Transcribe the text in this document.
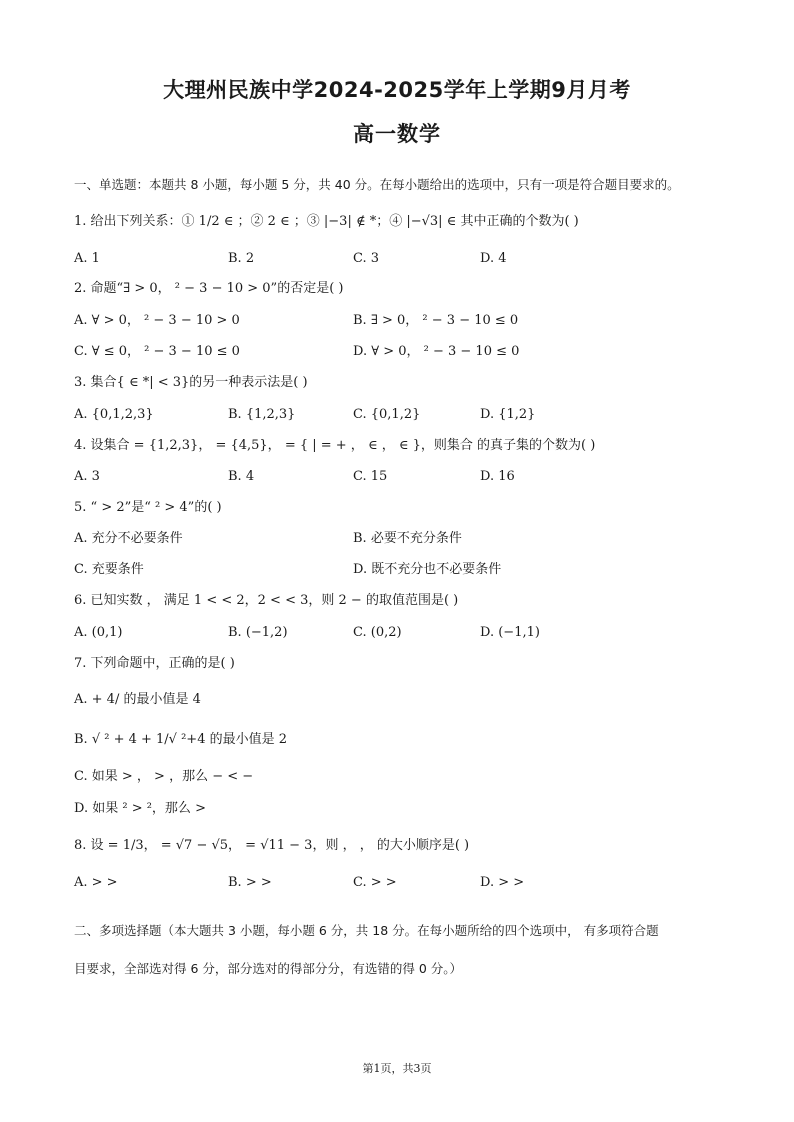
大理州民族中学2024-2025学年上学期9月月考
高一数学
一、单选题：本题共 8 小题，每小题 5 分，共 40 分。在每小题给出的选项中，只有一项是符合题目要求的。
1. 给出下列关系：① 1/2 ∈ ；② 2 ∈ ；③ |−3| ∉ *；④ |−√3| ∈ 其中正确的个数为( )
A. 1	B. 2	C. 3	D. 4
2. 命题“∃ > 0， ² − 3 − 10 > 0”的否定是( )
A. ∀ > 0， ² − 3 − 10 > 0	B. ∃ > 0， ² − 3 − 10 ≤ 0
C. ∀ ≤ 0， ² − 3 − 10 ≤ 0	D. ∀ > 0， ² − 3 − 10 ≤ 0
3. 集合{ ∈ *| < 3}的另一种表示法是( )
A. {0,1,2,3}	B. {1,2,3}	C. {0,1,2}	D. {1,2}
4. 设集合 = {1,2,3}， = {4,5}， = { | = + ， ∈ ， ∈ }，则集合 的真子集的个数为( )
A. 3	B. 4	C. 15	D. 16
5. “ > 2”是“ ² > 4”的( )
A. 充分不必要条件	B. 必要不充分条件
C. 充要条件	D. 既不充分也不必要条件
6. 已知实数 ， 满足 1 < < 2，2 < < 3，则 2 − 的取值范围是( )
A. (0,1)	B. (−1,2)	C. (0,2)	D. (−1,1)
7. 下列命题中，正确的是( )
A. + 4/ 的最小值是 4
B. √ ² + 4 + 1/√ ²+4 的最小值是 2
C. 如果 > ， > ，那么 − < −
D. 如果 ² > ²，那么 >
8. 设 = 1/3， = √7 − √5， = √11 − 3，则 ， ， 的大小顺序是( )
A. > >	B. > >	C. > >	D. > >
二、多项选择题（本大题共 3 小题，每小题 6 分，共 18 分。在每小题所给的四个选项中， 有多项符合题
目要求，全部选对得 6 分，部分选对的得部分分，有选错的得 0 分。）
第1页，共3页
